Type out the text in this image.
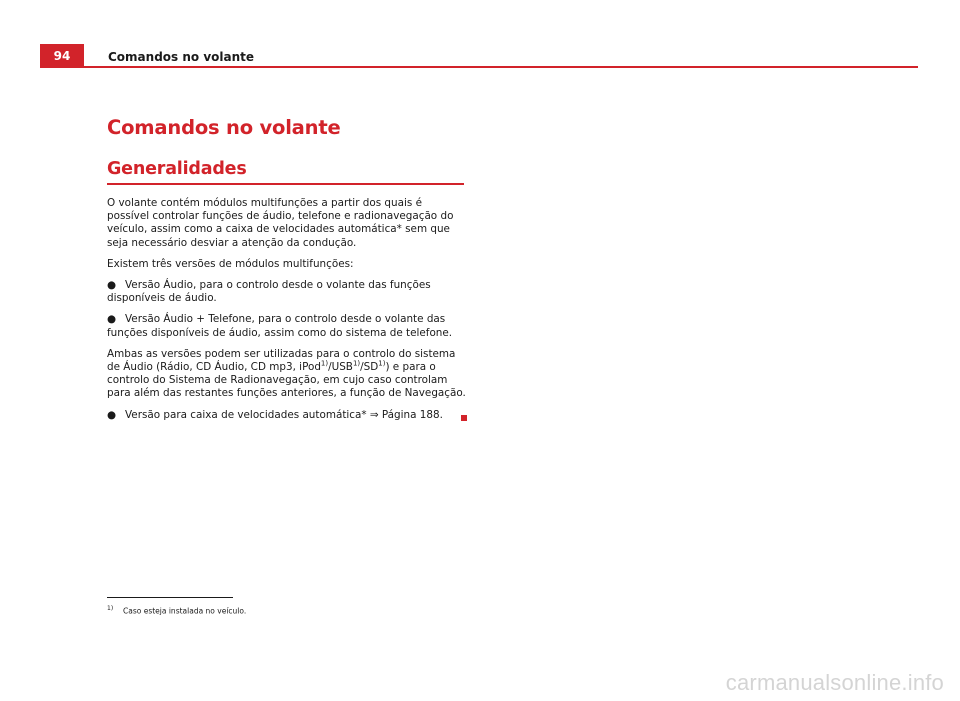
94	Comandos no volante
Comandos no volante
Generalidades

O volante contém módulos multifunções a partir dos quais é possível controlar funções de áudio, telefone e radionavegação do veículo, assim como a caixa de velocidades automática* sem que seja necessário desviar a atenção da condução.

Existem três versões de módulos multifunções:

● Versão Áudio, para o controlo desde o volante das funções disponíveis de áudio.

● Versão Áudio + Telefone, para o controlo desde o volante das funções disponíveis de áudio, assim como do sistema de telefone.

Ambas as versões podem ser utilizadas para o controlo do sistema de Áudio (Rádio, CD Áudio, CD mp3, iPod$^{1)}$/USB$^{1)}$/SD$^{1)}$) e para o controlo do Sistema de Radionavegação, em cujo caso controlam para além das restantes funções anteriores, a função de Navegação.

● Versão para caixa de velocidades automática* ⇒ Página 188.

1) Caso esteja instalada no veículo.
carmanualsonline.info
